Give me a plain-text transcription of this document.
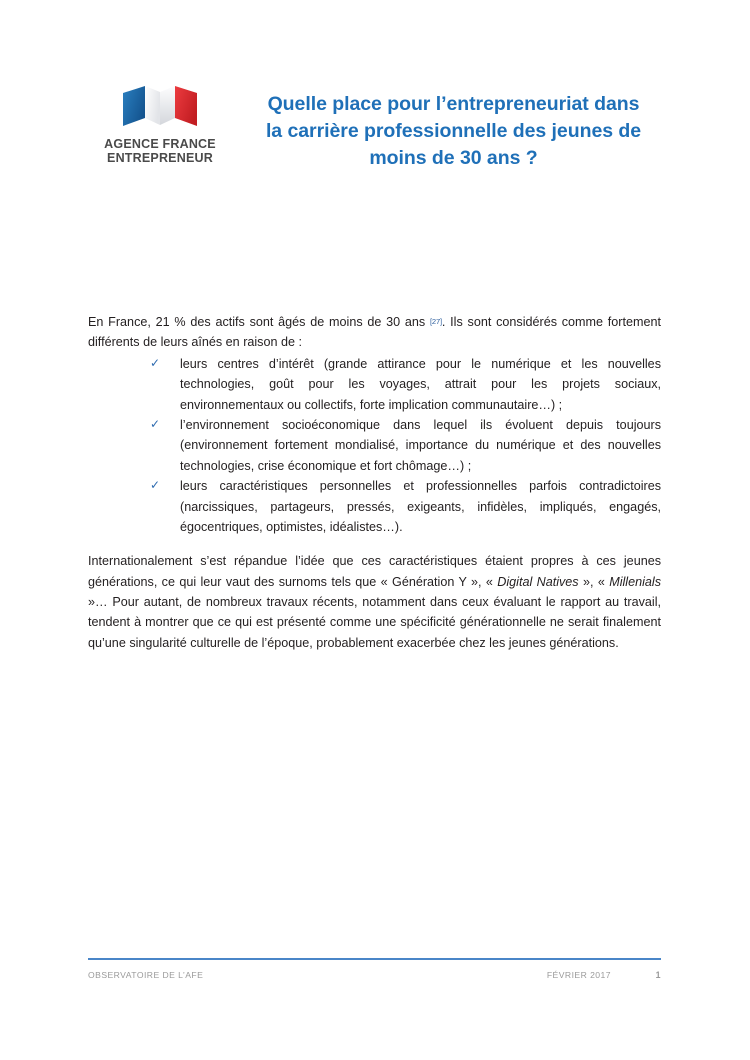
AGENCE FRANCE
ENTREPRENEUR
Quelle place pour l’entrepreneuriat dans
la carrière professionnelle des jeunes de
moins de 30 ans ?

En France, 21 % des actifs sont âgés de moins de 30 ans [27]. Ils sont considérés comme fortement différents de leurs aînés en raison de :

✓ leurs centres d’intérêt (grande attirance pour le numérique et les nouvelles technologies, goût pour les voyages, attrait pour les projets sociaux, environnementaux ou collectifs, forte implication communautaire…) ;
✓ l’environnement socioéconomique dans lequel ils évoluent depuis toujours (environnement fortement mondialisé, importance du numérique et des nouvelles technologies, crise économique et fort chômage…) ;
✓ leurs caractéristiques personnelles et professionnelles parfois contradictoires (narcissiques, partageurs, pressés, exigeants, infidèles, impliqués, engagés, égocentriques, optimistes, idéalistes…).

Internationalement s’est répandue l’idée que ces caractéristiques étaient propres à ces jeunes générations, ce qui leur vaut des surnoms tels que « Génération Y », « Digital Natives », « Millenials »… Pour autant, de nombreux travaux récents, notamment dans ceux évaluant le rapport au travail, tendent à montrer que ce qui est présenté comme une spécificité générationnelle ne serait finalement qu’une singularité culturelle de l’époque, probablement exacerbée chez les jeunes générations.

OBSERVATOIRE DE L’AFE	FÉVRIER 2017	1
